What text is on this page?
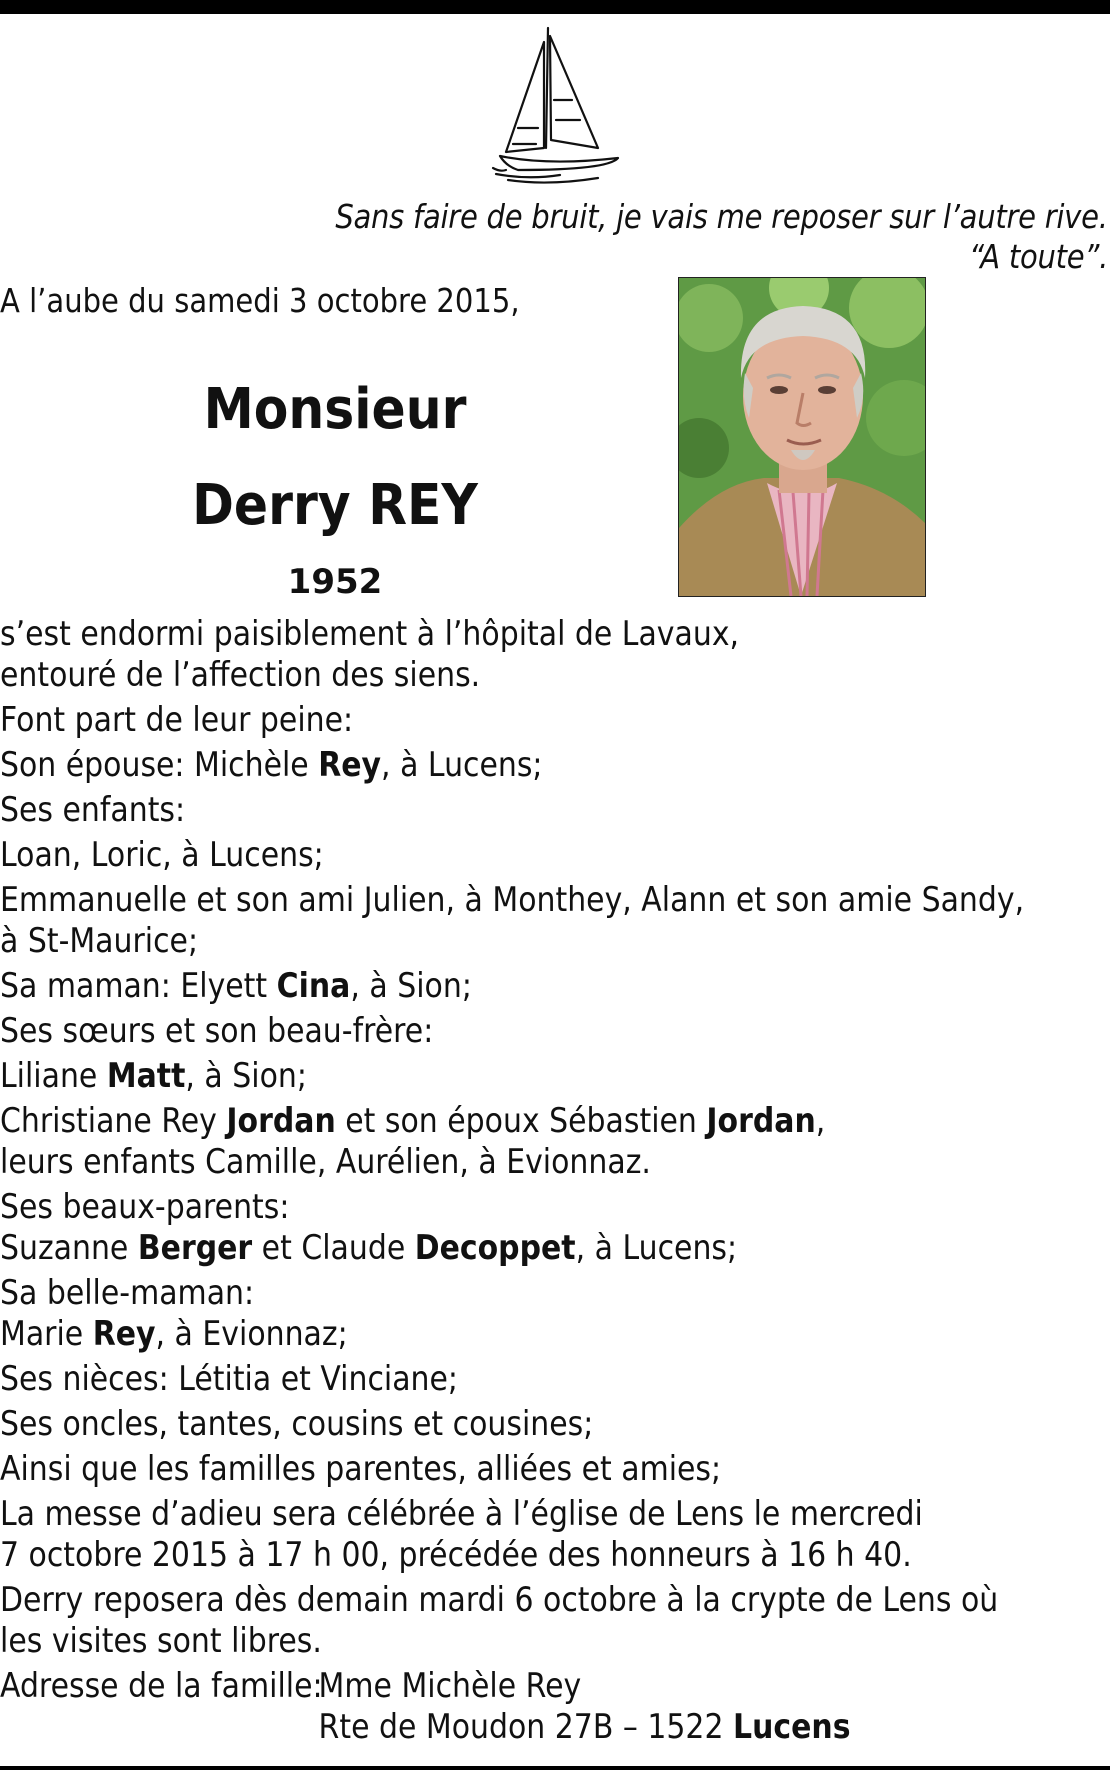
Sans faire de bruit, je vais me reposer sur l’autre rive.
“A toute”.
A l’aube du samedi 3 octobre 2015,
Monsieur
Derry REY
1952
s’est endormi paisiblement à l’hôpital de Lavaux,
entouré de l’affection des siens.
Font part de leur peine:
Son épouse: Michèle Rey, à Lucens;
Ses enfants:
Loan, Loric, à Lucens;
Emmanuelle et son ami Julien, à Monthey, Alann et son amie Sandy,
à St-Maurice;
Sa maman: Elyett Cina, à Sion;
Ses sœurs et son beau-frère:
Liliane Matt, à Sion;
Christiane Rey Jordan et son époux Sébastien Jordan,
leurs enfants Camille, Aurélien, à Evionnaz.
Ses beaux-parents:
Suzanne Berger et Claude Decoppet, à Lucens;
Sa belle-maman:
Marie Rey, à Evionnaz;
Ses nièces: Létitia et Vinciane;
Ses oncles, tantes, cousins et cousines;
Ainsi que les familles parentes, alliées et amies;
La messe d’adieu sera célébrée à l’église de Lens le mercredi
7 octobre 2015 à 17 h 00, précédée des honneurs à 16 h 40.
Derry reposera dès demain mardi 6 octobre à la crypte de Lens où
les visites sont libres.
Adresse de la famille:Mme Michèle Rey
Rte de Moudon 27B – 1522 Lucens
